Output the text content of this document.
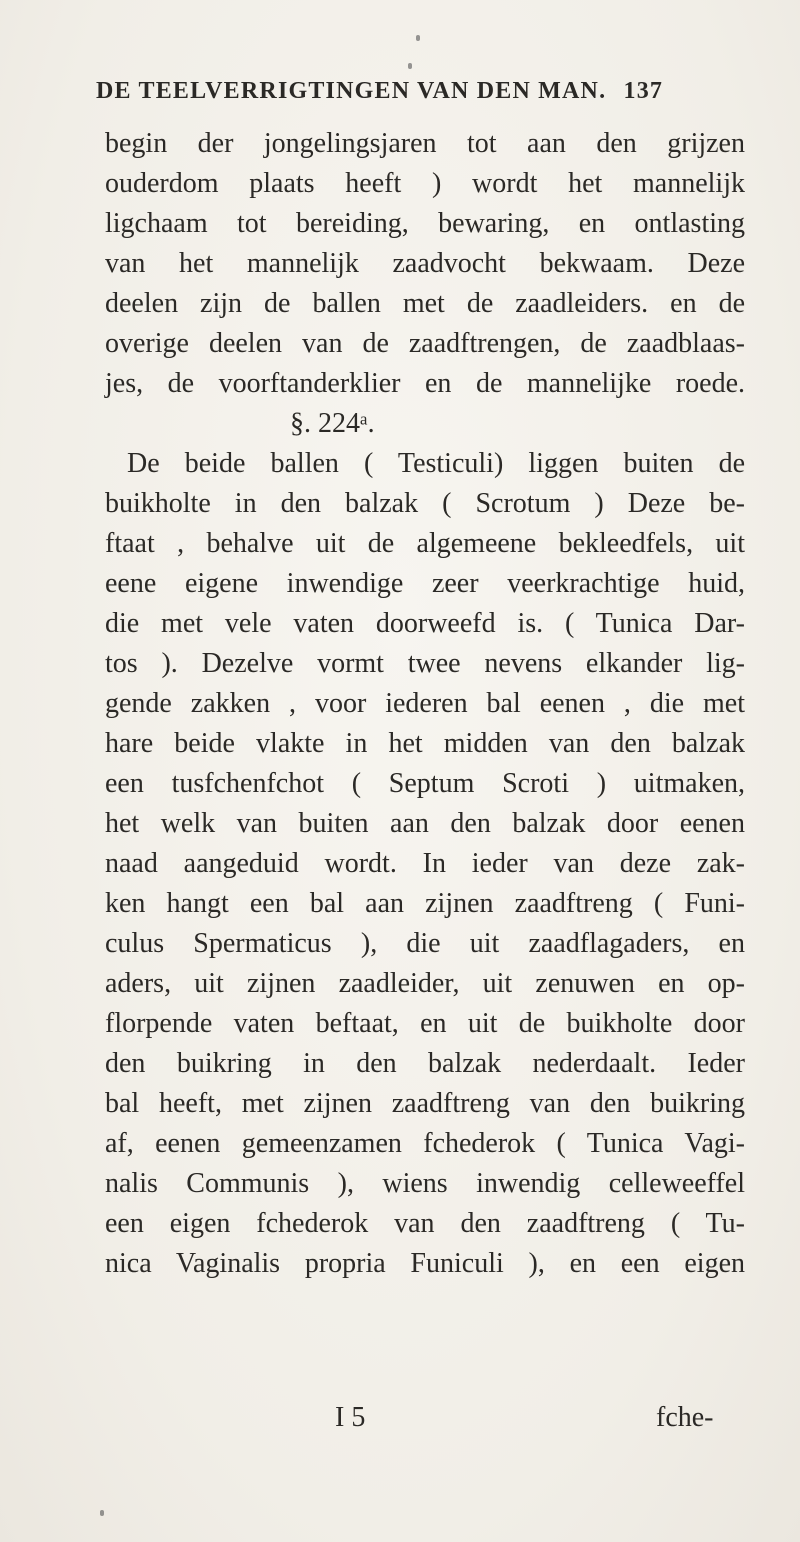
DE TEELVERRIGTINGEN VAN DEN MAN. 137
begin der jongelingsjaren tot aan den grijzen
ouderdom plaats heeft ) wordt het mannelijk
ligchaam tot bereiding, bewaring, en ontlasting
van het mannelijk zaadvocht bekwaam. Deze
deelen zijn de ballen met de zaadleiders. en de
overige deelen van de zaadftrengen, de zaadblaas-
jes, de voorftanderklier en de mannelijke roede.
§. 224ᵃ.
De beide ballen ( Testiculi) liggen buiten de
buikholte in den balzak ( Scrotum ) Deze be-
ftaat , behalve uit de algemeene bekleedfels, uit
eene eigene inwendige zeer veerkrachtige huid,
die met vele vaten doorweefd is. ( Tunica Dar-
tos ). Dezelve vormt twee nevens elkander lig-
gende zakken , voor iederen bal eenen , die met
hare beide vlakte in het midden van den balzak
een tusfchenfchot ( Septum Scroti ) uitmaken,
het welk van buiten aan den balzak door eenen
naad aangeduid wordt. In ieder van deze zak-
ken hangt een bal aan zijnen zaadftreng ( Funi-
culus Spermaticus ), die uit zaadflagaders, en
aders, uit zijnen zaadleider, uit zenuwen en op-
florpende vaten beftaat, en uit de buikholte door
den buikring in den balzak nederdaalt. Ieder
bal heeft, met zijnen zaadftreng van den buikring
af, eenen gemeenzamen fchederok ( Tunica Vagi-
nalis Communis ), wiens inwendig celleweeffel
een eigen fchederok van den zaadftreng ( Tu-
nica Vaginalis propria Funiculi ), en een eigen
I 5	fche-
